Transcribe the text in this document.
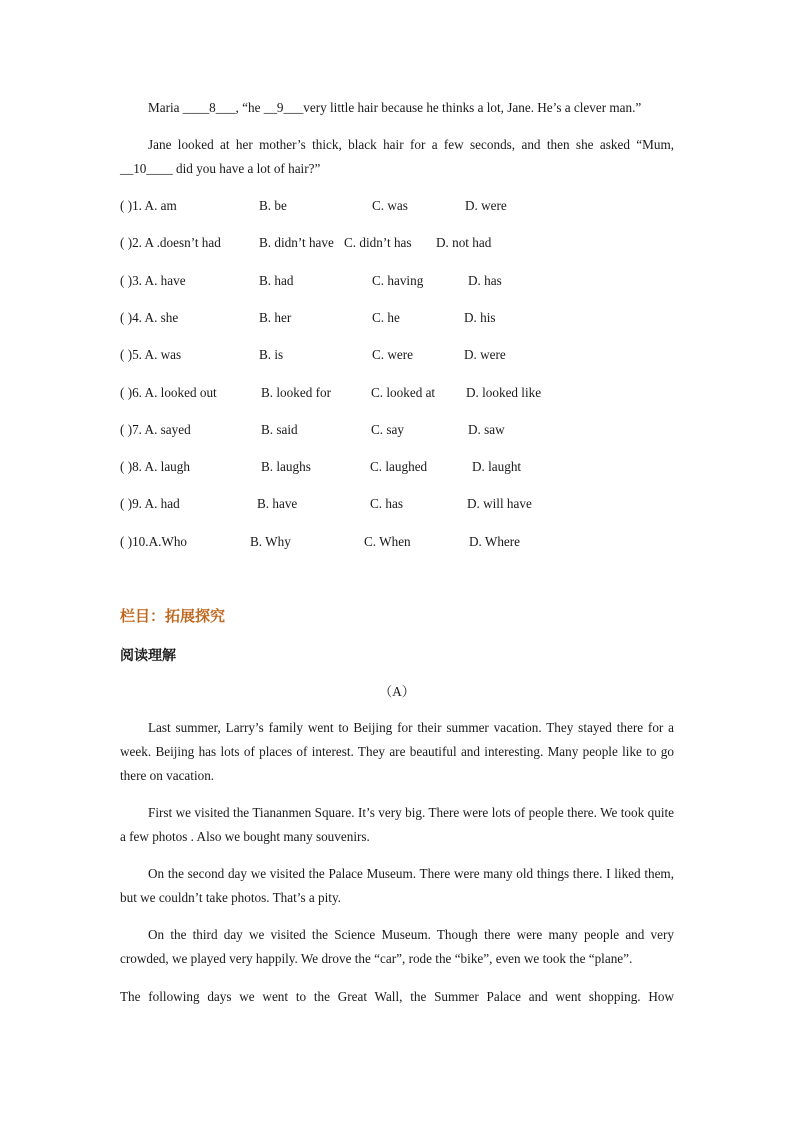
Maria ____8___, “he __9___very little hair because he thinks a lot, Jane. He’s a clever man.”
Jane looked at her mother’s thick, black hair for a few seconds, and then she asked “Mum, __10____ did you have a lot of hair?”
( )1. A. am	B. be	C. was	D. were
( )2. A .doesn’t had	B. didn’t have C. didn’t has D. not had
( )3. A. have	B. had	C. having	D. has
( )4. A. she	B. her	C. he	D. his
( )5. A. was	B. is	C. were	D. were
( )6. A. looked out	B. looked for	C. looked at D. looked like
( )7. A. sayed	B. said	C. say	D. saw
( )8. A. laugh	B. laughs	C. laughed	D. laught
( )9. A. had	B. have	C. has	D. will have
( )10.A.Who	B. Why	C. When	D. Where
栏目：拓展探究
阅读理解
（A）
Last summer, Larry’s family went to Beijing for their summer vacation. They stayed there for a week. Beijing has lots of places of interest. They are beautiful and interesting. Many people like to go there on vacation.
First we visited the Tiananmen Square. It’s very big. There were lots of people there. We took quite a few photos . Also we bought many souvenirs.
On the second day we visited the Palace Museum. There were many old things there. I liked them, but we couldn’t take photos. That’s a pity.
On the third day we visited the Science Museum. Though there were many people and very crowded, we played very happily. We drove the “car”, rode the “bike”, even we took the “plane”.
The following days we went to the Great Wall, the Summer Palace and went shopping. How
